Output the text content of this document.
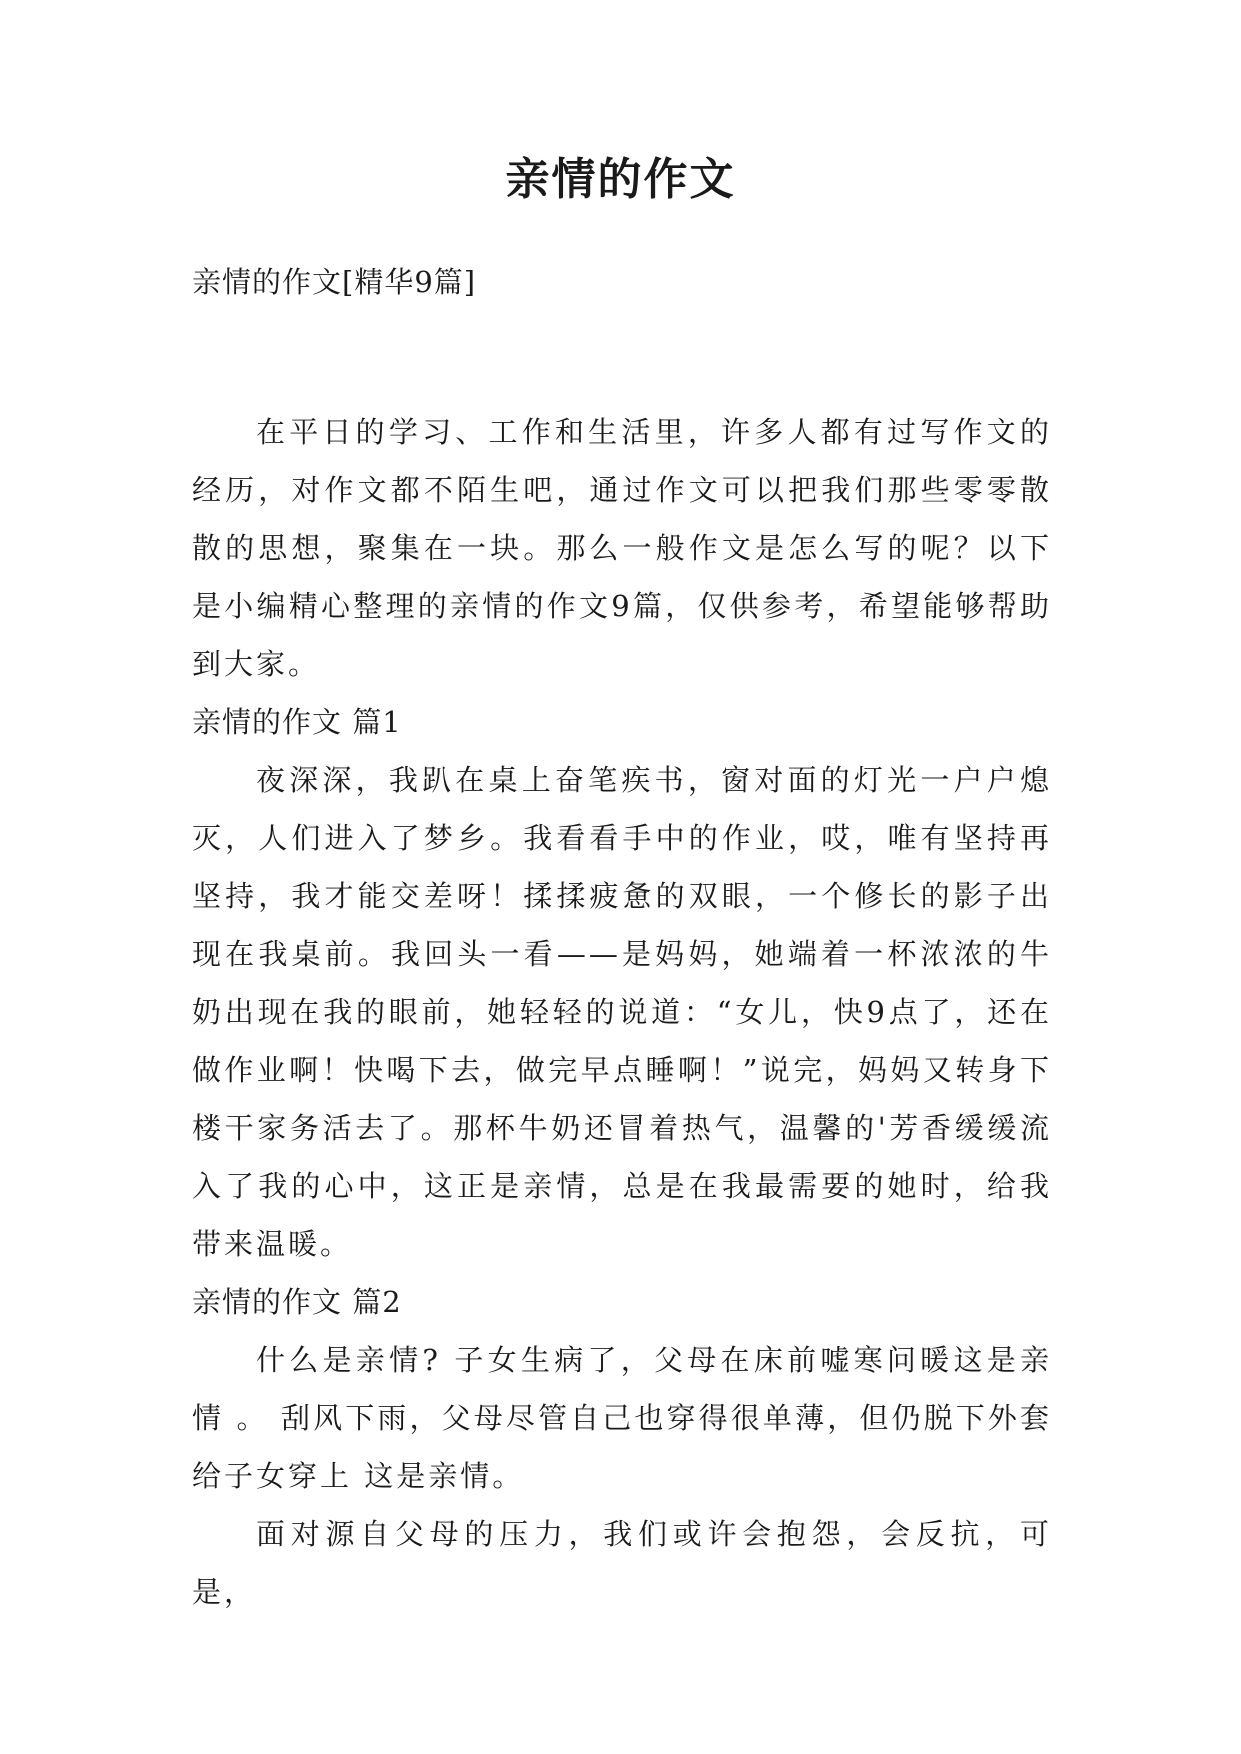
亲情的作文
亲情的作文[精华9篇]

在平日的学习、工作和生活里，许多人都有过写作文的经历，对作文都不陌生吧，通过作文可以把我们那些零零散散的思想，聚集在一块。那么一般作文是怎么写的呢？以下是小编精心整理的亲情的作文9篇，仅供参考，希望能够帮助到大家。

亲情的作文 篇1

夜深深，我趴在桌上奋笔疾书，窗对面的灯光一户户熄灭，人们进入了梦乡。我看看手中的作业，哎，唯有坚持再坚持，我才能交差呀！揉揉疲惫的双眼，一个修长的影子出现在我桌前。我回头一看——是妈妈，她端着一杯浓浓的牛奶出现在我的眼前，她轻轻的说道：“女儿，快9点了，还在做作业啊！快喝下去，做完早点睡啊！”说完，妈妈又转身下楼干家务活去了。那杯牛奶还冒着热气，温馨的'芳香缓缓流入了我的心中，这正是亲情，总是在我最需要的她时，给我带来温暖。

亲情的作文 篇2

什么是亲情? 子女生病了，父母在床前嘘寒问暖这是亲情 。 刮风下雨，父母尽管自己也穿得很单薄，但仍脱下外套给子女穿上 这是亲情。

面对源自父母的压力，我们或许会抱怨，会反抗，可是，
